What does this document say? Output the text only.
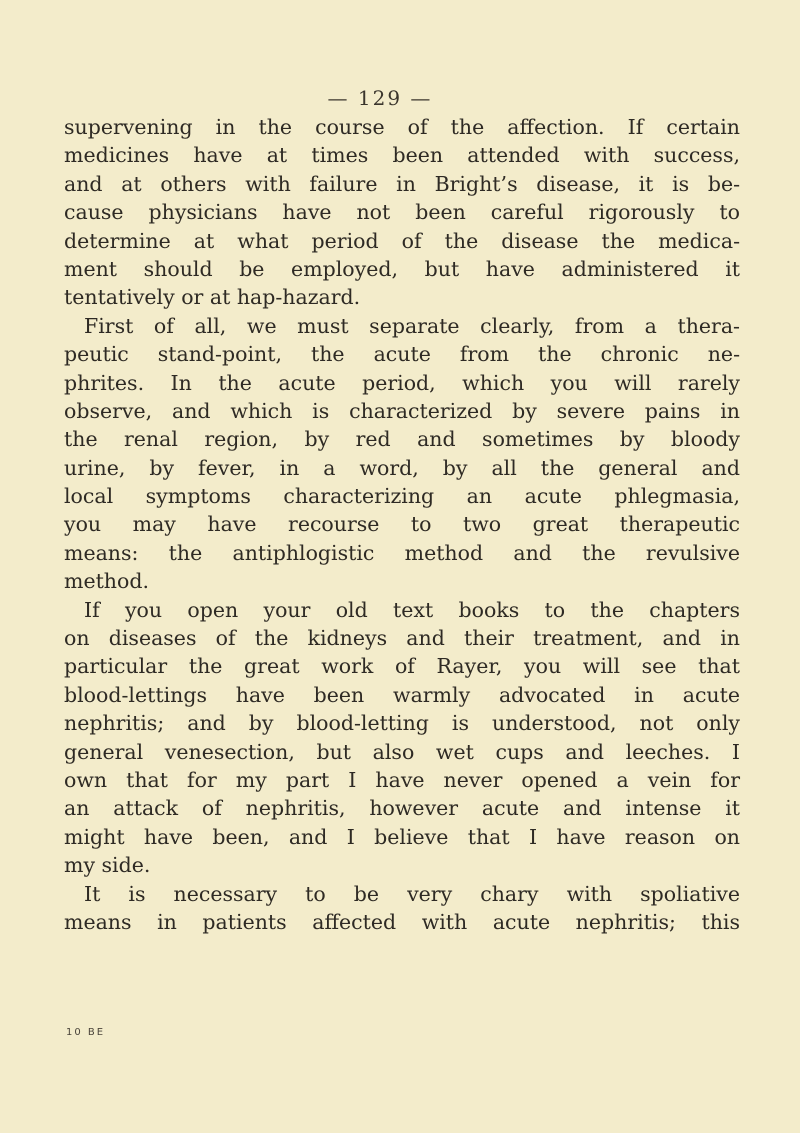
— 129 —
supervening in the course of the affection. If certain
medicines have at times been attended with success,
and at others with failure in Bright’s disease, it is be-
cause physicians have not been careful rigorously to
determine at what period of the disease the medica-
ment should be employed, but have administered it
tentatively or at hap-hazard.
First of all, we must separate clearly, from a thera-
peutic stand-point, the acute from the chronic ne-
phrites. In the acute period, which you will rarely
observe, and which is characterized by severe pains in
the renal region, by red and sometimes by bloody
urine, by fever, in a word, by all the general and
local symptoms characterizing an acute phlegmasia,
you may have recourse to two great therapeutic
means: the antiphlogistic method and the revulsive
method.
If you open your old text books to the chapters
on diseases of the kidneys and their treatment, and in
particular the great work of Rayer, you will see that
blood-lettings have been warmly advocated in acute
nephritis; and by blood-letting is understood, not only
general venesection, but also wet cups and leeches. I
own that for my part I have never opened a vein for
an attack of nephritis, however acute and intense it
might have been, and I believe that I have reason on
my side.
It is necessary to be very chary with spoliative
means in patients affected with acute nephritis; this
10 BE
